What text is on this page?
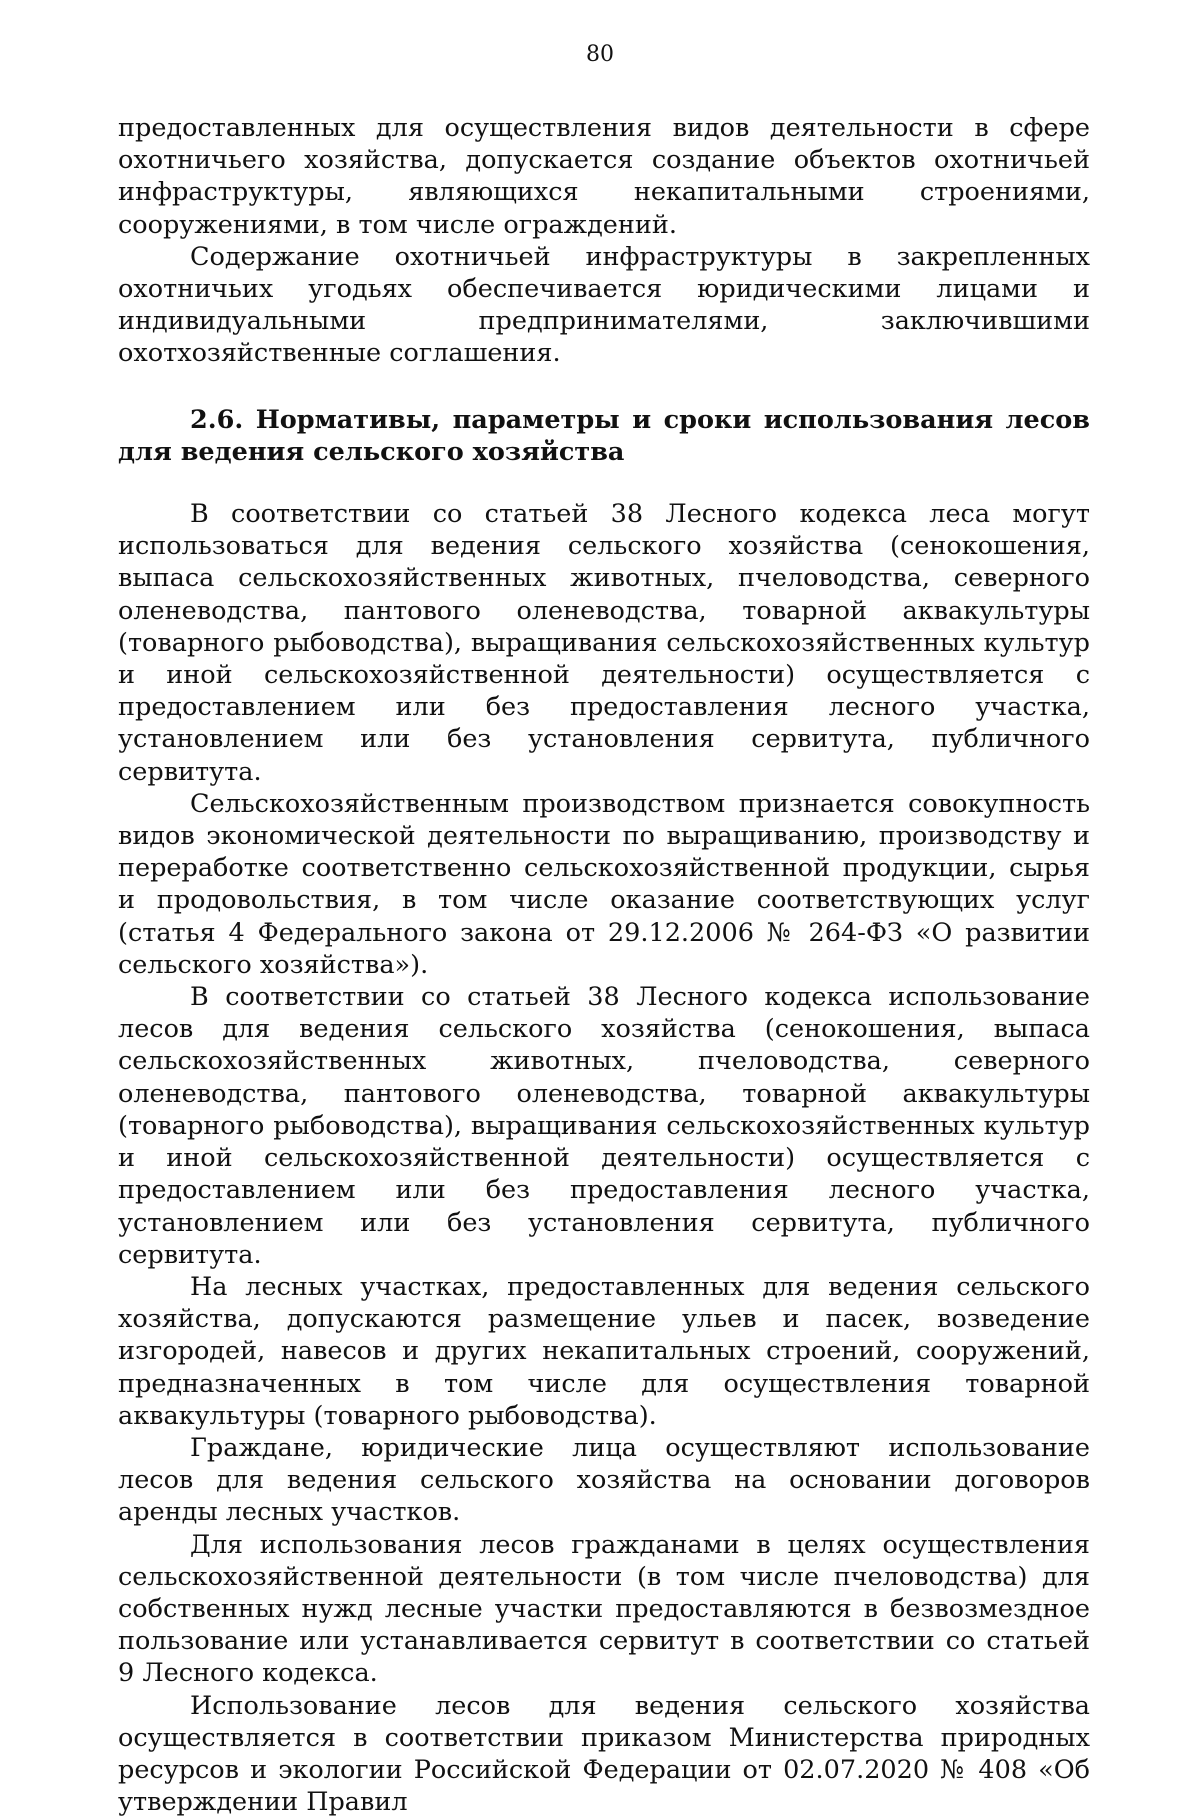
80

предоставленных для осуществления видов деятельности в сфере охотничьего хозяйства, допускается создание объектов охотничьей инфраструктуры, являющихся некапитальными строениями, сооружениями, в том числе ограждений.

Содержание охотничьей инфраструктуры в закрепленных охотничьих угодьях обеспечивается юридическими лицами и индивидуальными предпринимателями, заключившими охотхозяйственные соглашения.

2.6. Нормативы, параметры и сроки использования лесов для ведения сельского хозяйства

В соответствии со статьей 38 Лесного кодекса леса могут использоваться для ведения сельского хозяйства (сенокошения, выпаса сельскохозяйственных животных, пчеловодства, северного оленеводства, пантового оленеводства, товарной аквакультуры (товарного рыбоводства), выращивания сельскохозяйственных культур и иной сельскохозяйственной деятельности) осуществляется с предоставлением или без предоставления лесного участка, установлением или без установления сервитута, публичного сервитута.

Сельскохозяйственным производством признается совокупность видов экономической деятельности по выращиванию, производству и переработке соответственно сельскохозяйственной продукции, сырья и продовольствия, в том числе оказание соответствующих услуг (статья 4 Федерального закона от 29.12.2006 № 264-ФЗ «О развитии сельского хозяйства»).

В соответствии со статьей 38 Лесного кодекса использование лесов для ведения сельского хозяйства (сенокошения, выпаса сельскохозяйственных животных, пчеловодства, северного оленеводства, пантового оленеводства, товарной аквакультуры (товарного рыбоводства), выращивания сельскохозяйственных культур и иной сельскохозяйственной деятельности) осуществляется с предоставлением или без предоставления лесного участка, установлением или без установления сервитута, публичного сервитута.

На лесных участках, предоставленных для ведения сельского хозяйства, допускаются размещение ульев и пасек, возведение изгородей, навесов и других некапитальных строений, сооружений, предназначенных в том числе для осуществления товарной аквакультуры (товарного рыбоводства).

Граждане, юридические лица осуществляют использование лесов для ведения сельского хозяйства на основании договоров аренды лесных участков.

Для использования лесов гражданами в целях осуществления сельскохозяйственной деятельности (в том числе пчеловодства) для собственных нужд лесные участки предоставляются в безвозмездное пользование или устанавливается сервитут в соответствии со статьей 9 Лесного кодекса.

Использование лесов для ведения сельского хозяйства осуществляется в соответствии приказом Министерства природных ресурсов и экологии Российской Федерации от 02.07.2020 № 408 «Об утверждении Правил
